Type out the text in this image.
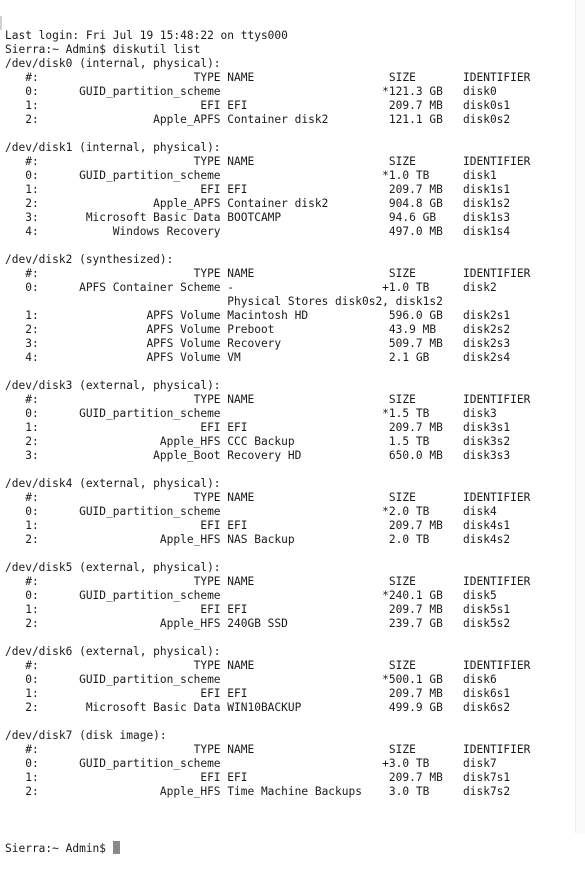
Last login: Fri Jul 19 15:48:22 on ttys000
Sierra:~ Admin$ diskutil list
/dev/disk0 (internal, physical):
#:                       TYPE NAME                    SIZE       IDENTIFIER
0:      GUID_partition_scheme                        *121.3 GB   disk0
1:                        EFI EFI                     209.7 MB   disk0s1
2:                 Apple_APFS Container disk2         121.1 GB   disk0s2
/dev/disk1 (internal, physical):
#:                       TYPE NAME                    SIZE       IDENTIFIER
0:      GUID_partition_scheme                        *1.0 TB     disk1
1:                        EFI EFI                     209.7 MB   disk1s1
2:                 Apple_APFS Container disk2         904.8 GB   disk1s2
3:       Microsoft Basic Data BOOTCAMP                94.6 GB    disk1s3
4:           Windows Recovery                         497.0 MB   disk1s4
/dev/disk2 (synthesized):
#:                       TYPE NAME                    SIZE       IDENTIFIER
0:      APFS Container Scheme -                      +1.0 TB     disk2
Physical Stores disk0s2, disk1s2
1:                APFS Volume Macintosh HD            596.0 GB   disk2s1
2:                APFS Volume Preboot                 43.9 MB    disk2s2
3:                APFS Volume Recovery                509.7 MB   disk2s3
4:                APFS Volume VM                      2.1 GB     disk2s4
/dev/disk3 (external, physical):
#:                       TYPE NAME                    SIZE       IDENTIFIER
0:      GUID_partition_scheme                        *1.5 TB     disk3
1:                        EFI EFI                     209.7 MB   disk3s1
2:                  Apple_HFS CCC Backup              1.5 TB     disk3s2
3:                 Apple_Boot Recovery HD             650.0 MB   disk3s3
/dev/disk4 (external, physical):
#:                       TYPE NAME                    SIZE       IDENTIFIER
0:      GUID_partition_scheme                        *2.0 TB     disk4
1:                        EFI EFI                     209.7 MB   disk4s1
2:                  Apple_HFS NAS Backup              2.0 TB     disk4s2
/dev/disk5 (external, physical):
#:                       TYPE NAME                    SIZE       IDENTIFIER
0:      GUID_partition_scheme                        *240.1 GB   disk5
1:                        EFI EFI                     209.7 MB   disk5s1
2:                  Apple_HFS 240GB SSD               239.7 GB   disk5s2
/dev/disk6 (external, physical):
#:                       TYPE NAME                    SIZE       IDENTIFIER
0:      GUID_partition_scheme                        *500.1 GB   disk6
1:                        EFI EFI                     209.7 MB   disk6s1
2:       Microsoft Basic Data WIN10BACKUP             499.9 GB   disk6s2
/dev/disk7 (disk image):
#:                       TYPE NAME                    SIZE       IDENTIFIER
0:      GUID_partition_scheme                        +3.0 TB     disk7
1:                        EFI EFI                     209.7 MB   disk7s1
2:                  Apple_HFS Time Machine Backups    3.0 TB     disk7s2

Sierra:~ Admin$
